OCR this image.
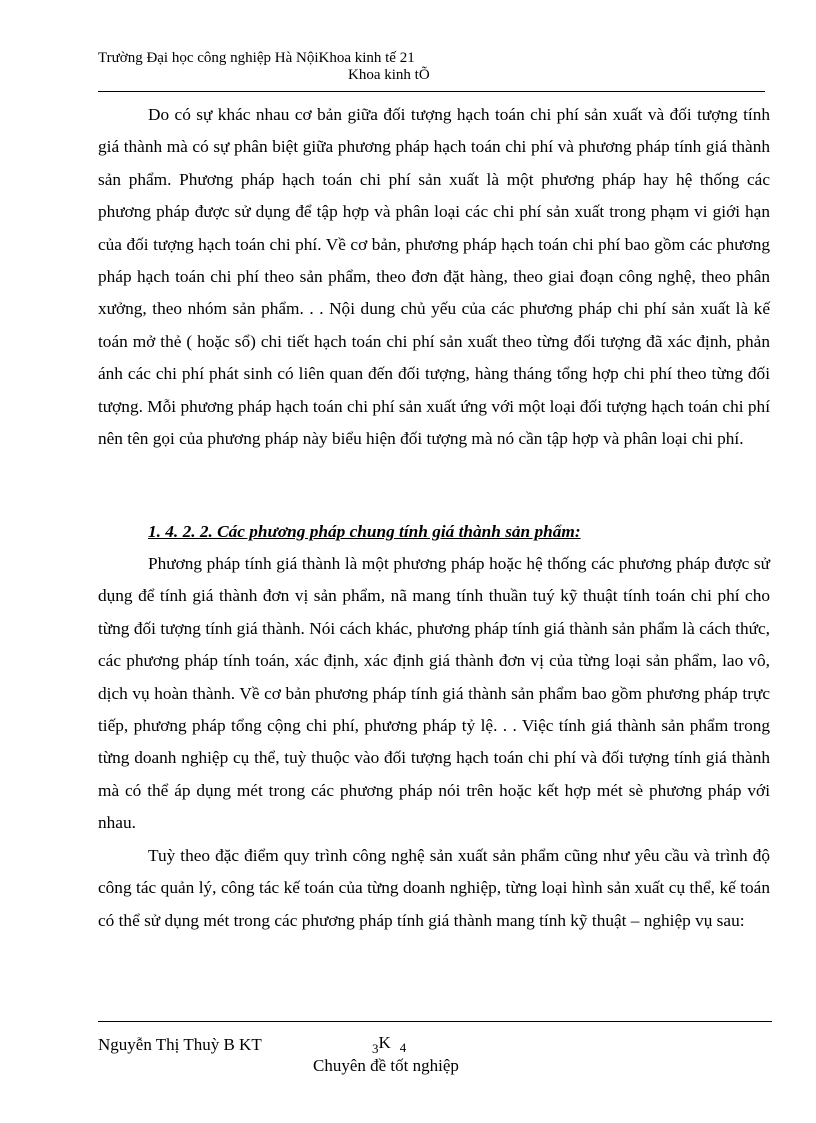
Trường Đại học công nghiệp Hà NộiKhoa kinh tế 21
Khoa kinh tÕ

Do có sự khác nhau cơ bản giữa đối tượng hạch toán chi phí sản xuất và đối tượng tính giá thành mà có sự phân biệt giữa phương pháp hạch toán chi phí và phương pháp tính giá thành sản phẩm. Phương pháp hạch toán chi phí sản xuất là một phương pháp hay hệ thống các phương pháp được sử dụng để tập hợp và phân loại các chi phí sản xuất trong phạm vi giới hạn của đối tượng hạch toán chi phí. Về cơ bản, phương pháp hạch toán chi phí bao gồm các phương pháp hạch toán chi phí theo sản phẩm, theo đơn đặt hàng, theo giai đoạn công nghệ, theo phân xưởng, theo nhóm sản phẩm. . . Nội dung chủ yếu của các phương pháp chi phí sản xuất là kế toán mở thẻ ( hoặc sổ) chi tiết hạch toán chi phí sản xuất theo từng đối tượng đã xác định, phản ánh các chi phí phát sinh có liên quan đến đối tượng, hàng tháng tổng hợp chi phí theo từng đối tượng. Mỗi phương pháp hạch toán chi phí sản xuất ứng với một loại đối tượng hạch toán chi phí nên tên gọi của phương pháp này biểu hiện đối tượng mà nó cần tập hợp và phân loại chi phí.

1. 4. 2. 2. Các phương pháp chung tính giá thành sản phẩm:

Phương pháp tính giá thành là một phương pháp hoặc hệ thống các phương pháp được sử dụng để tính giá thành đơn vị sản phẩm, nã mang tính thuần tuý kỹ thuật tính toán chi phí cho từng đối tượng tính giá thành. Nói cách khác, phương pháp tính giá thành sản phẩm là cách thức, các phương pháp tính toán, xác định, xác định giá thành đơn vị của từng loại sản phẩm, lao vô, dịch vụ hoàn thành. Về cơ bản phương pháp tính giá thành sản phẩm bao gồm phương pháp trực tiếp, phương pháp tổng cộng chi phí, phương pháp tỷ lệ. . . Việc tính giá thành sản phẩm trong từng doanh nghiệp cụ thể, tuỳ thuộc vào đối tượng hạch toán chi phí và đối tượng tính giá thành mà có thể áp dụng mét trong các phương pháp nói trên hoặc kết hợp mét sè phương pháp với nhau.

Tuỳ theo đặc điểm quy trình công nghệ sản xuất sản phẩm cũng như yêu cầu và trình độ công tác quản lý, công tác kế toán của từng doanh nghiệp, từng loại hình sản xuất cụ thể, kế toán có thể sử dụng mét trong các phương pháp tính giá thành mang tính kỹ thuật – nghiệp vụ sau:

Nguyễn Thị Thuỳ B KT	$_3$K $_4$
Chuyên đề tốt nghiệp
